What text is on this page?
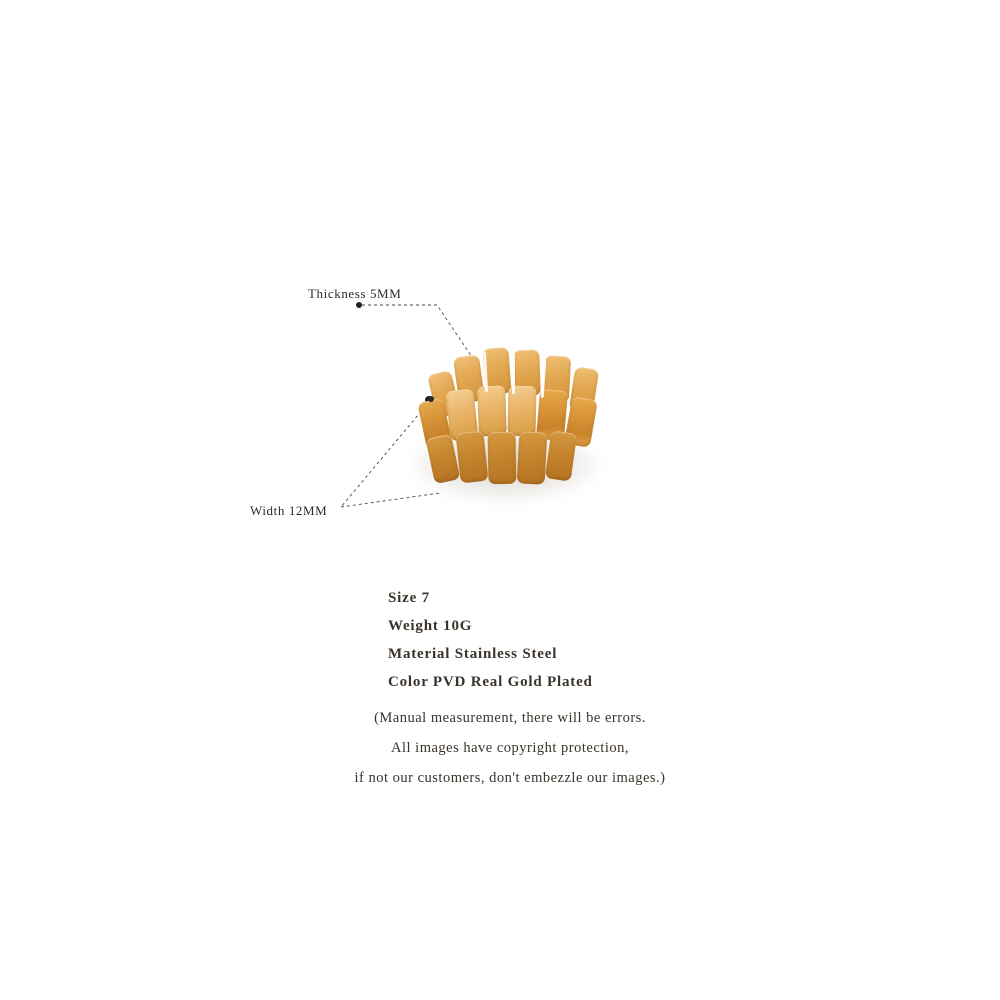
Thickness 5MM
Width 12MM
Size 7
Weight 10G
Material Stainless Steel
Color PVD Real Gold Plated
(Manual measurement, there will be errors.
All images have copyright protection,
if not our customers, don't embezzle our images.)
